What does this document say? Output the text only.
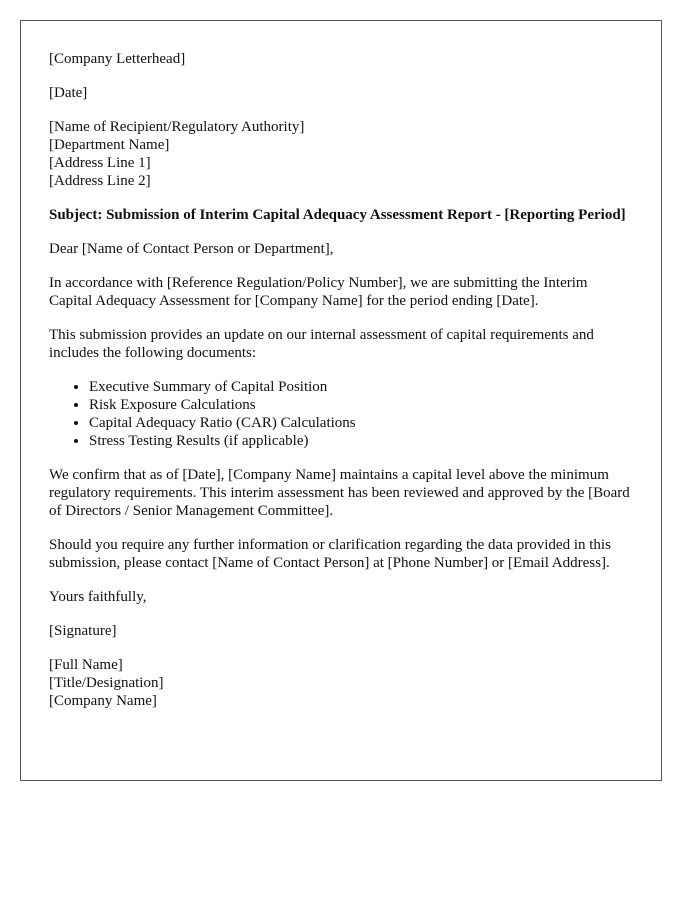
[Company Letterhead]
[Date]
[Name of Recipient/Regulatory Authority]
[Department Name]
[Address Line 1]
[Address Line 2]
Subject: Submission of Interim Capital Adequacy Assessment Report - [Reporting Period]
Dear [Name of Contact Person or Department],

In accordance with [Reference Regulation/Policy Number], we are submitting the Interim Capital Adequacy Assessment for [Company Name] for the period ending [Date].

This submission provides an update on our internal assessment of capital requirements and includes the following documents:

• Executive Summary of Capital Position
• Risk Exposure Calculations
• Capital Adequacy Ratio (CAR) Calculations
• Stress Testing Results (if applicable)

We confirm that as of [Date], [Company Name] maintains a capital level above the minimum regulatory requirements. This interim assessment has been reviewed and approved by the [Board of Directors / Senior Management Committee].

Should you require any further information or clarification regarding the data provided in this submission, please contact [Name of Contact Person] at [Phone Number] or [Email Address].

Yours faithfully,
[Signature]
[Full Name]
[Title/Designation]
[Company Name]
